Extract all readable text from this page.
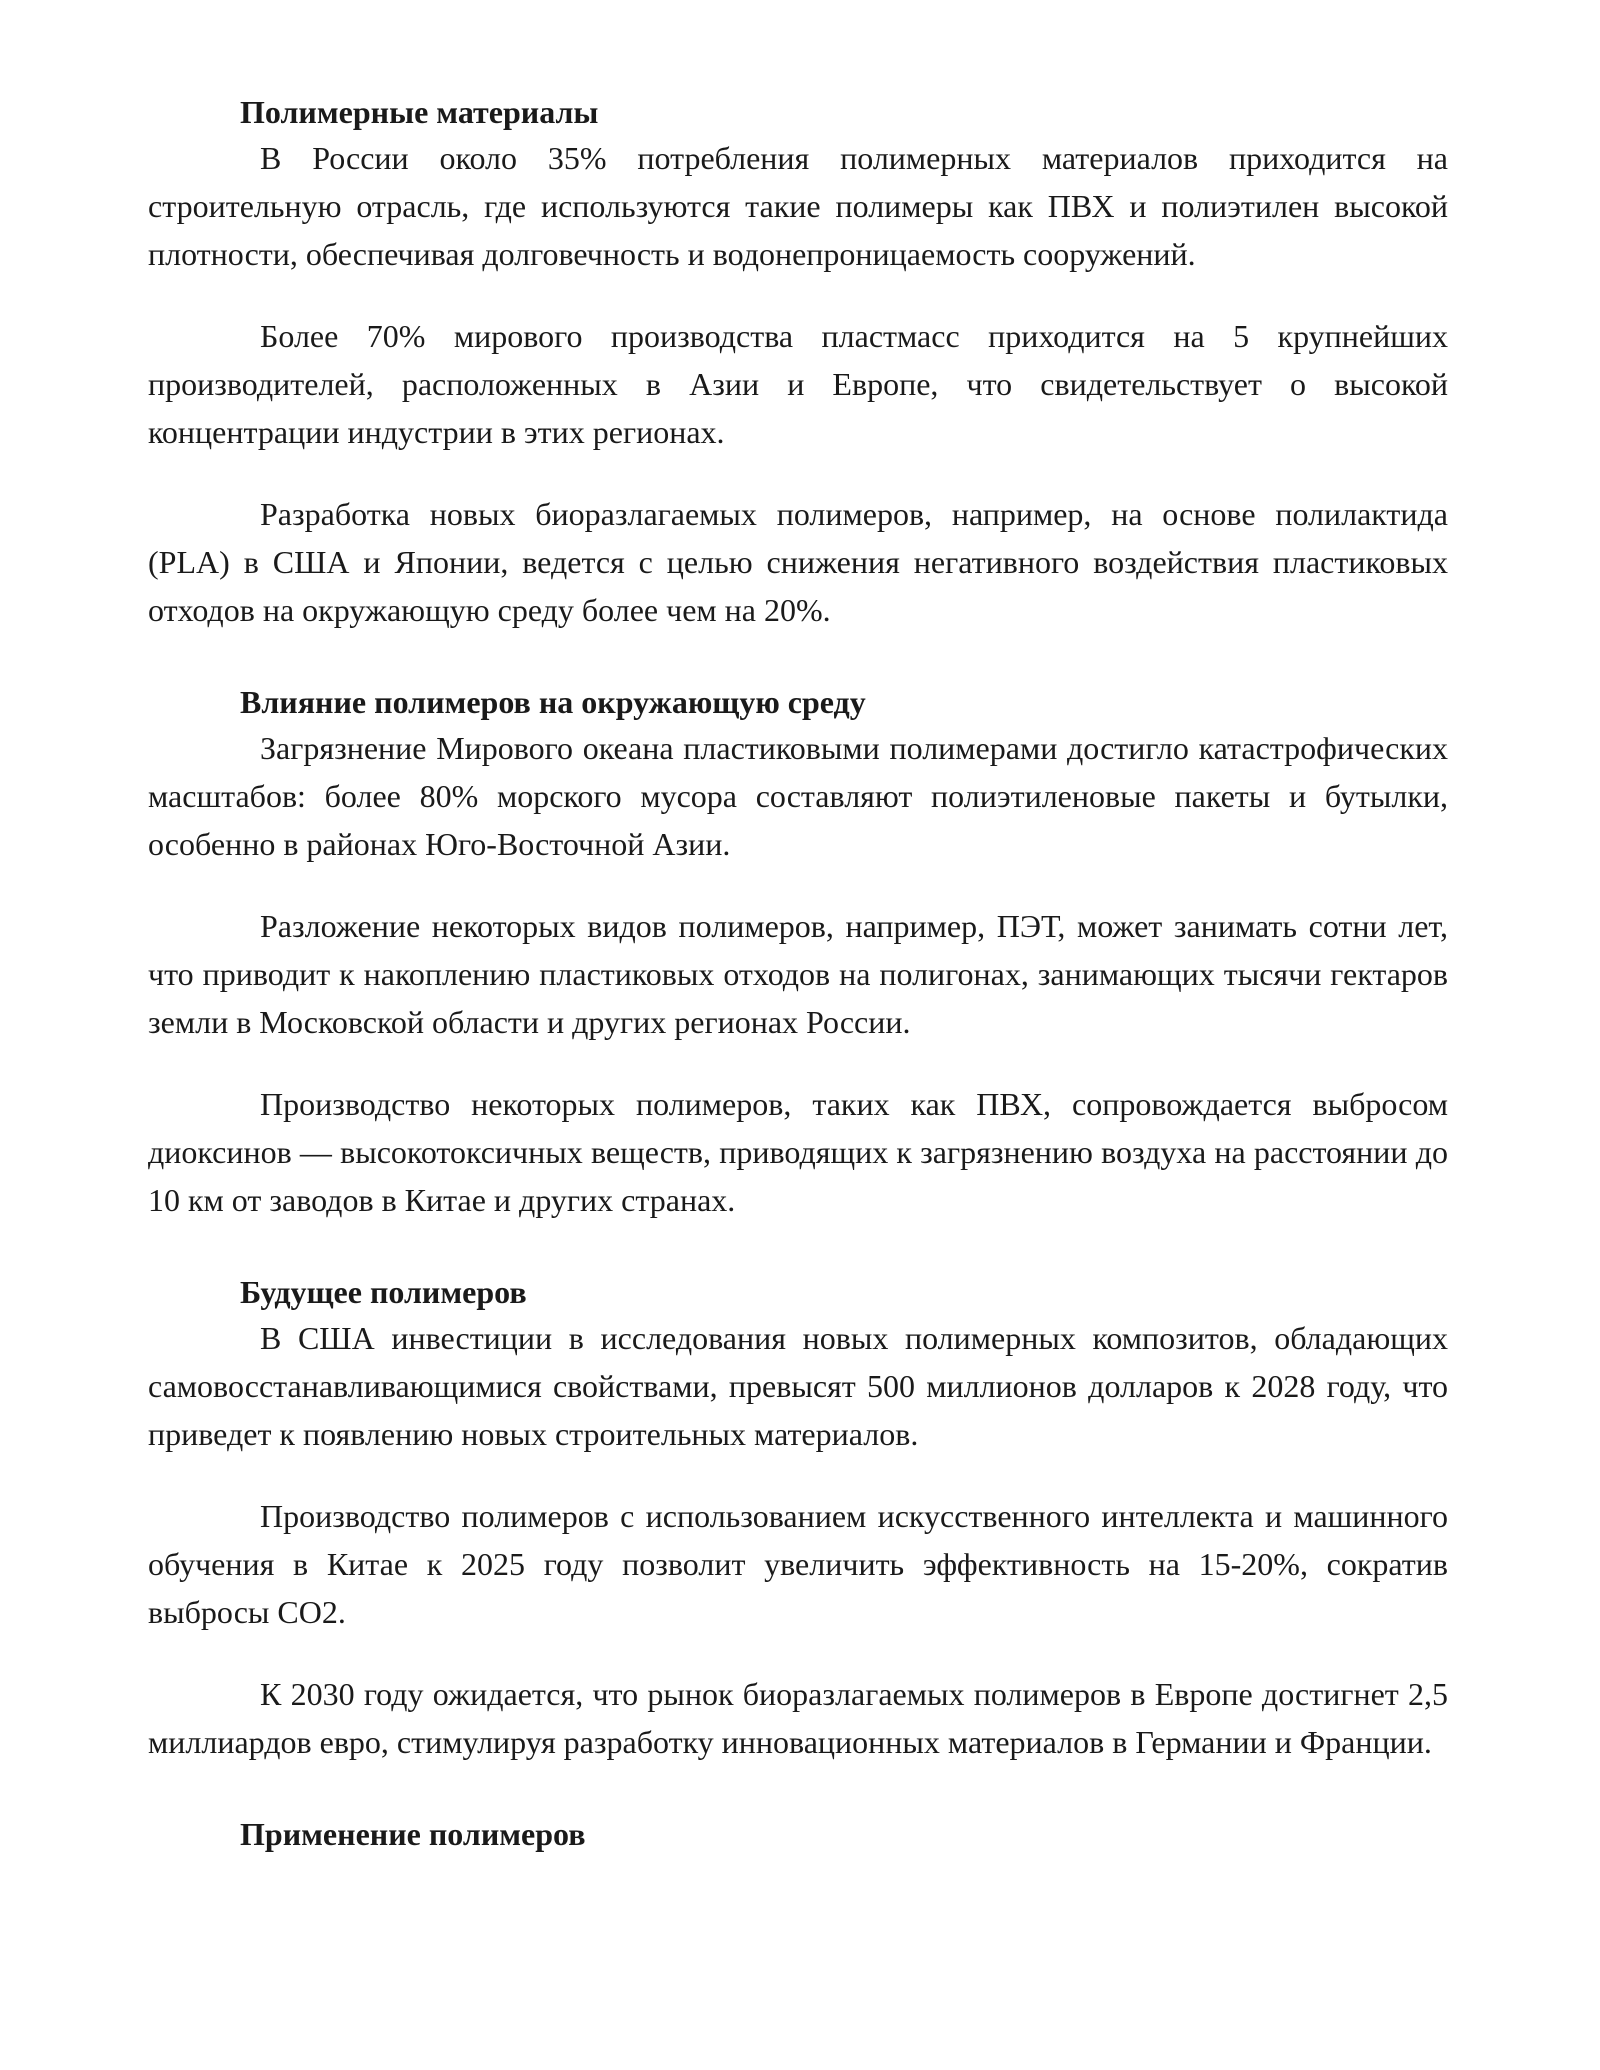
Полимерные материалы

В России около 35% потребления полимерных материалов приходится на строительную отрасль, где используются такие полимеры как ПВХ и полиэтилен высокой плотности, обеспечивая долговечность и водонепроницаемость сооружений.

Более 70% мирового производства пластмасс приходится на 5 крупнейших производителей, расположенных в Азии и Европе, что свидетельствует о высокой концентрации индустрии в этих регионах.

Разработка новых биоразлагаемых полимеров, например, на основе полилактида (PLA) в США и Японии, ведется с целью снижения негативного воздействия пластиковых отходов на окружающую среду более чем на 20%.

Влияние полимеров на окружающую среду

Загрязнение Мирового океана пластиковыми полимерами достигло катастрофических масштабов: более 80% морского мусора составляют полиэтиленовые пакеты и бутылки, особенно в районах Юго-Восточной Азии.

Разложение некоторых видов полимеров, например, ПЭТ, может занимать сотни лет, что приводит к накоплению пластиковых отходов на полигонах, занимающих тысячи гектаров земли в Московской области и других регионах России.

Производство некоторых полимеров, таких как ПВХ, сопровождается выбросом диоксинов — высокотоксичных веществ, приводящих к загрязнению воздуха на расстоянии до 10 км от заводов в Китае и других странах.

Будущее полимеров

В США инвестиции в исследования новых полимерных композитов, обладающих самовосстанавливающимися свойствами, превысят 500 миллионов долларов к 2028 году, что приведет к появлению новых строительных материалов.

Производство полимеров с использованием искусственного интеллекта и машинного обучения в Китае к 2025 году позволит увеличить эффективность на 15-20%, сократив выбросы СО2.

К 2030 году ожидается, что рынок биоразлагаемых полимеров в Европе достигнет 2,5 миллиардов евро, стимулируя разработку инновационных материалов в Германии и Франции.

Применение полимеров
